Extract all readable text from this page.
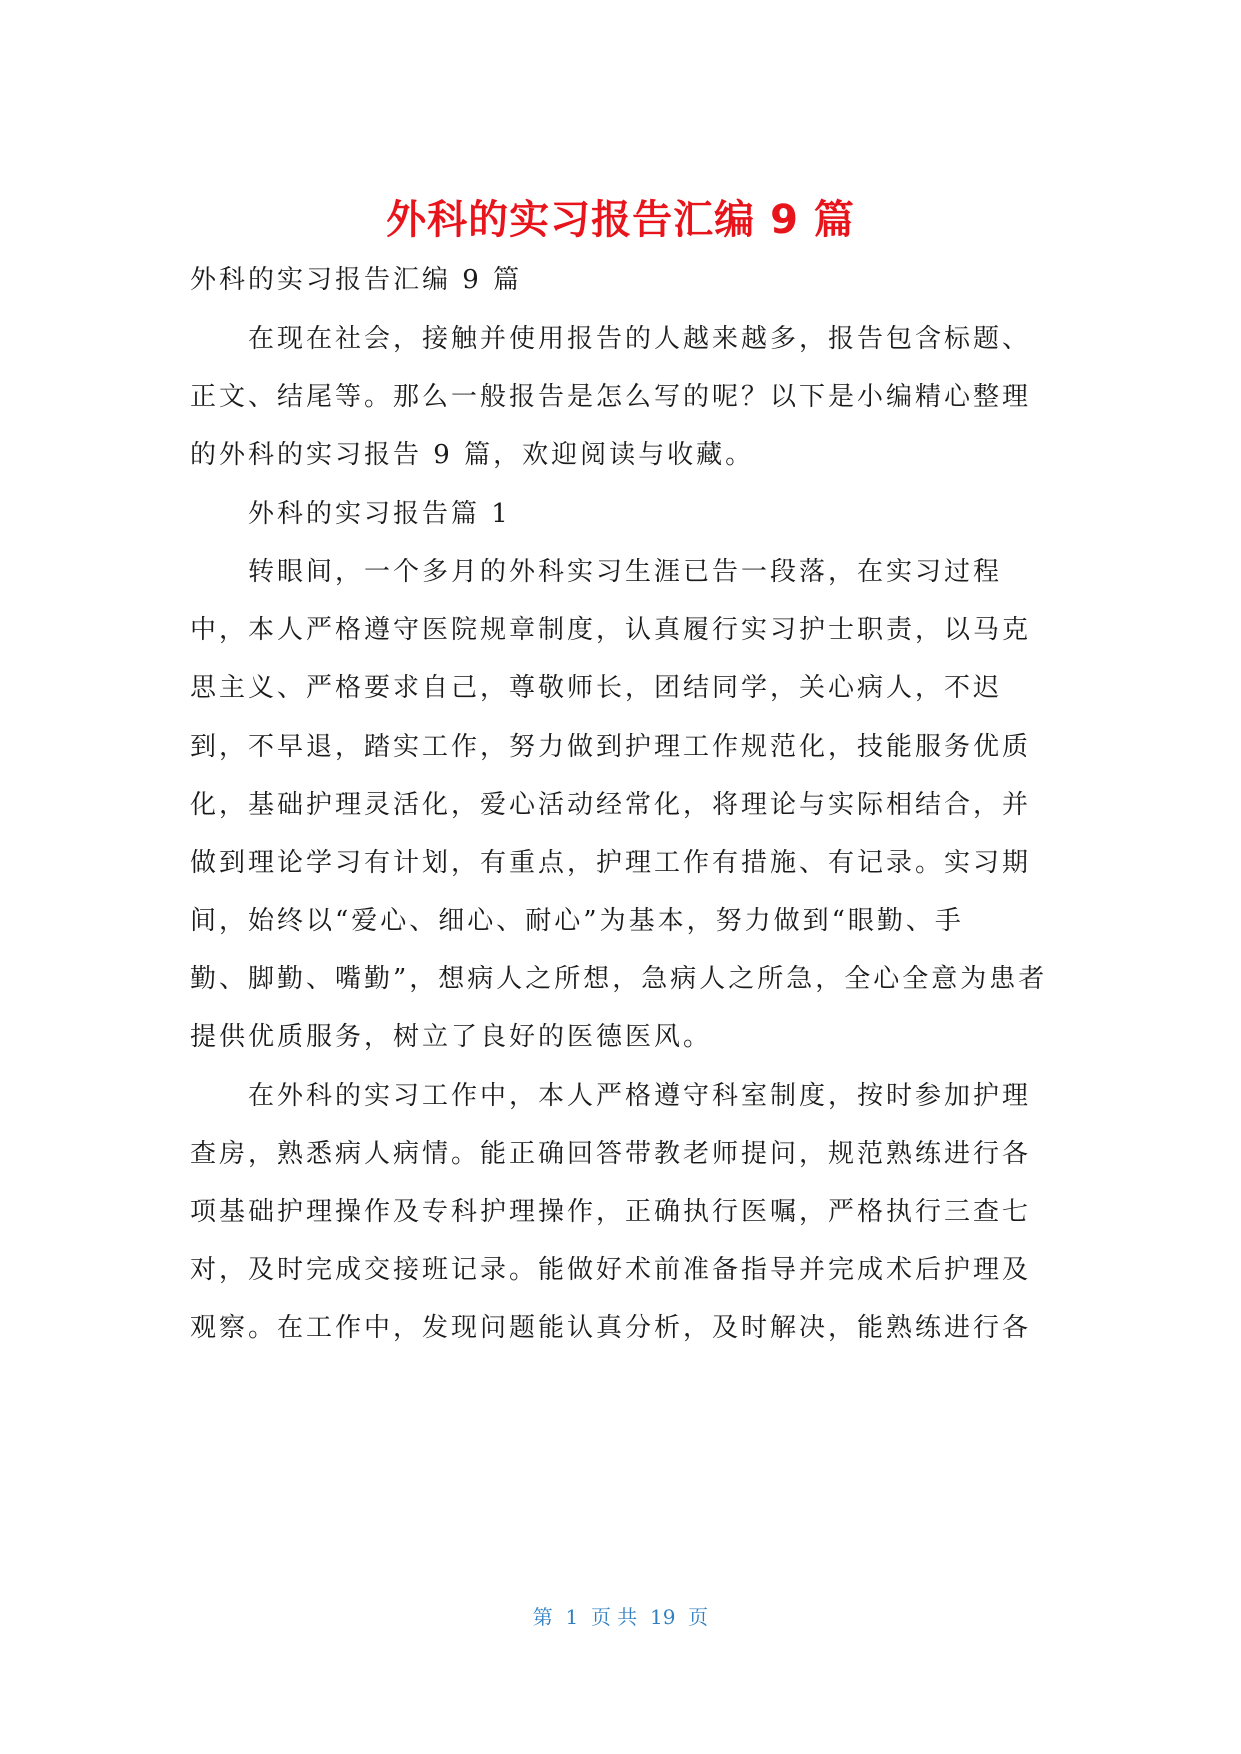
外科的实习报告汇编 9 篇
外科的实习报告汇编 9 篇
在现在社会，接触并使用报告的人越来越多，报告包含标题、
正文、结尾等。那么一般报告是怎么写的呢？以下是小编精心整理
的外科的实习报告 9 篇，欢迎阅读与收藏。
外科的实习报告篇 1
转眼间，一个多月的外科实习生涯已告一段落，在实习过程
中，本人严格遵守医院规章制度，认真履行实习护士职责，以马克
思主义、严格要求自己，尊敬师长，团结同学，关心病人，不迟
到，不早退，踏实工作，努力做到护理工作规范化，技能服务优质
化，基础护理灵活化，爱心活动经常化，将理论与实际相结合，并
做到理论学习有计划，有重点，护理工作有措施、有记录。实习期
间，始终以“爱心、细心、耐心”为基本，努力做到“眼勤、手
勤、脚勤、嘴勤”，想病人之所想，急病人之所急，全心全意为患者
提供优质服务，树立了良好的医德医风。
在外科的实习工作中，本人严格遵守科室制度，按时参加护理
查房，熟悉病人病情。能正确回答带教老师提问，规范熟练进行各
项基础护理操作及专科护理操作，正确执行医嘱，严格执行三查七
对，及时完成交接班记录。能做好术前准备指导并完成术后护理及
观察。在工作中，发现问题能认真分析，及时解决，能熟练进行各
第  1  页 共  19  页
